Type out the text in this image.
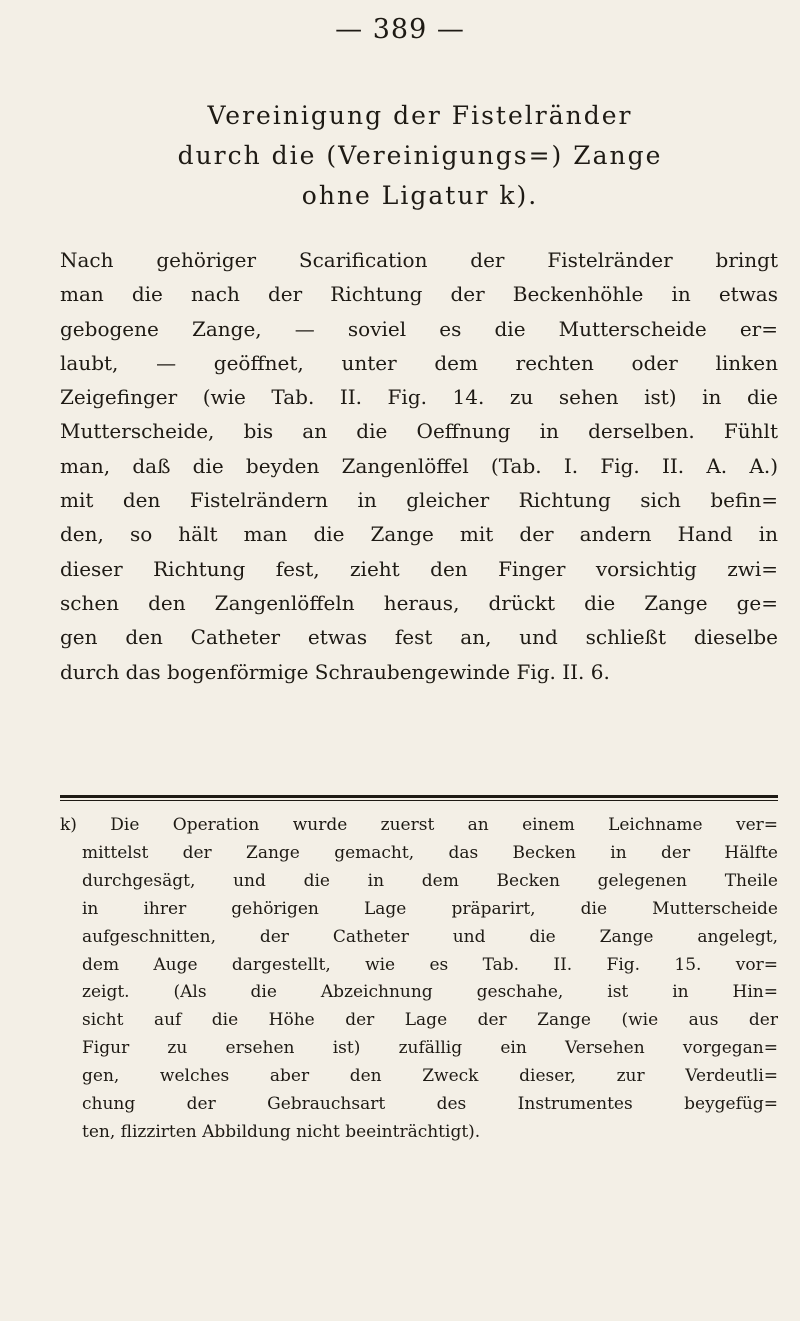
— 389 —
Vereinigung der Fistelränder
durch die (Vereinigungs=) Zange
ohne Ligatur k).
Nach gehöriger Scarification der Fistelränder bringt
man die nach der Richtung der Beckenhöhle in etwas
gebogene Zange, — soviel es die Mutterscheide er=
laubt, — geöffnet, unter dem rechten oder linken
Zeigefinger (wie Tab. II. Fig. 14. zu sehen ist) in die
Mutterscheide, bis an die Oeffnung in derselben. Fühlt
man, daß die beyden Zangenlöffel (Tab. I. Fig. II. A. A.)
mit den Fistelrändern in gleicher Richtung sich befin=
den, so hält man die Zange mit der andern Hand in
dieser Richtung fest, zieht den Finger vorsichtig zwi=
schen den Zangenlöffeln heraus, drückt die Zange ge=
gen den Catheter etwas fest an, und schließt dieselbe
durch das bogenförmige Schraubengewinde Fig. II. 6.
k) Die Operation wurde zuerst an einem Leichname ver=
mittelst der Zange gemacht, das Becken in der Hälfte
durchgesägt, und die in dem Becken gelegenen Theile
in ihrer gehörigen Lage präparirt, die Mutterscheide
aufgeschnitten, der Catheter und die Zange angelegt,
dem Auge dargestellt, wie es Tab. II. Fig. 15. vor=
zeigt. (Als die Abzeichnung geschahe, ist in Hin=
sicht auf die Höhe der Lage der Zange (wie aus der
Figur zu ersehen ist) zufällig ein Versehen vorgegan=
gen, welches aber den Zweck dieser, zur Verdeutli=
chung der Gebrauchsart des Instrumentes beygefüg=
ten, flizzirten Abbildung nicht beeinträchtigt).
